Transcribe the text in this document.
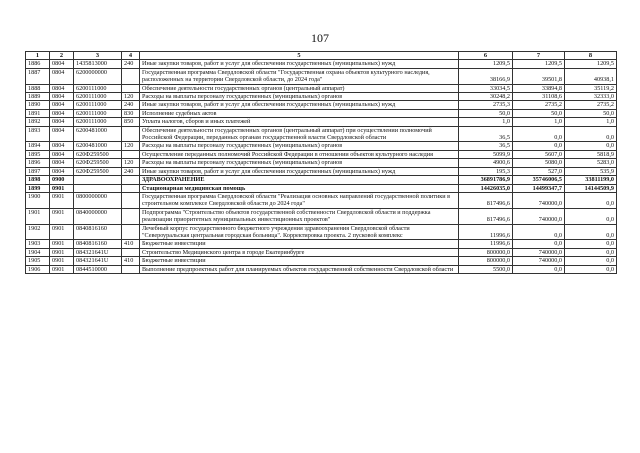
107
1	2	3	4	5	6	7	8
1886	0804	1435813000	240	Иные закупки товаров, работ и услуг для обеспечения государственных (муниципальных) нужд	1209,5	1209,5	1209,5
1887	0804	6200000000		Государственная программа Свердловской области "Государственная охрана объектов культурного наследия, расположенных на территории Свердловской области, до 2024 года"	38166,9	39501,8	40938,1
1888	0804	6200111000		Обеспечение деятельности государственных органов (центральный аппарат)	33034,5	33894,8	35119,2
1889	0804	6200111000	120	Расходы на выплаты персоналу государственных (муниципальных) органов	30248,2	31108,6	32333,0
1890	0804	6200111000	240	Иные закупки товаров, работ и услуг для обеспечения государственных (муниципальных) нужд	2735,3	2735,2	2735,2
1891	0804	6200111000	830	Исполнение судебных актов	50,0	50,0	50,0
1892	0804	6200111000	850	Уплата налогов, сборов и иных платежей	1,0	1,0	1,0
1893	0804	6200481000		Обеспечение деятельности государственных органов (центральный аппарат) при осуществлении полномочий Российской Федерации, переданных органам государственной власти Свердловской области	36,5	0,0	0,0
1894	0804	6200481000	120	Расходы на выплаты персоналу государственных (муниципальных) органов	36,5	0,0	0,0
1895	0804	620Ф259500		Осуществление переданных полномочий Российской Федерации в отношении объектов культурного наследия	5099,9	5607,0	5818,9
1896	0804	620Ф259500	120	Расходы на выплаты персоналу государственных (муниципальных) органов	4900,6	5080,0	5283,0
1897	0804	620Ф259500	240	Иные закупки товаров, работ и услуг для обеспечения государственных (муниципальных) нужд	195,3	527,0	535,9
1898	0900			ЗДРАВООХРАНЕНИЕ	36891786,9	35746006,5	33811199,0
1899	0901			Стационарная медицинская помощь	14426035,0	14499347,7	14144509,9
1900	0901	0800000000		Государственная программа Свердловской области "Реализация основных направлений государственной политики в строительном комплексе Свердловской области до 2024 года"	817496,6	740000,0	0,0
1901	0901	0840000000		Подпрограмма "Строительство объектов государственной собственности Свердловской области и поддержка реализации приоритетных муниципальных инвестиционных проектов"	817496,6	740000,0	0,0
1902	0901	0840816160		Лечебный корпус государственного бюджетного учреждения здравоохранения Свердловской области "Североуральская центральная городская больница". Корректировка проекта. 2 пусковой комплекс	11996,6	0,0	0,0
1903	0901	0840816160	410	Бюджетные инвестиции	11996,6	0,0	0,0
1904	0901	084321641U		Строительство Медицинского центра в городе Екатеринбурге	800000,0	740000,0	0,0
1905	0901	084321641U	410	Бюджетные инвестиции	800000,0	740000,0	0,0
1906	0901	0844510000		Выполнение предпроектных работ для планируемых объектов государственной собственности Свердловской области	5500,0	0,0	0,0
